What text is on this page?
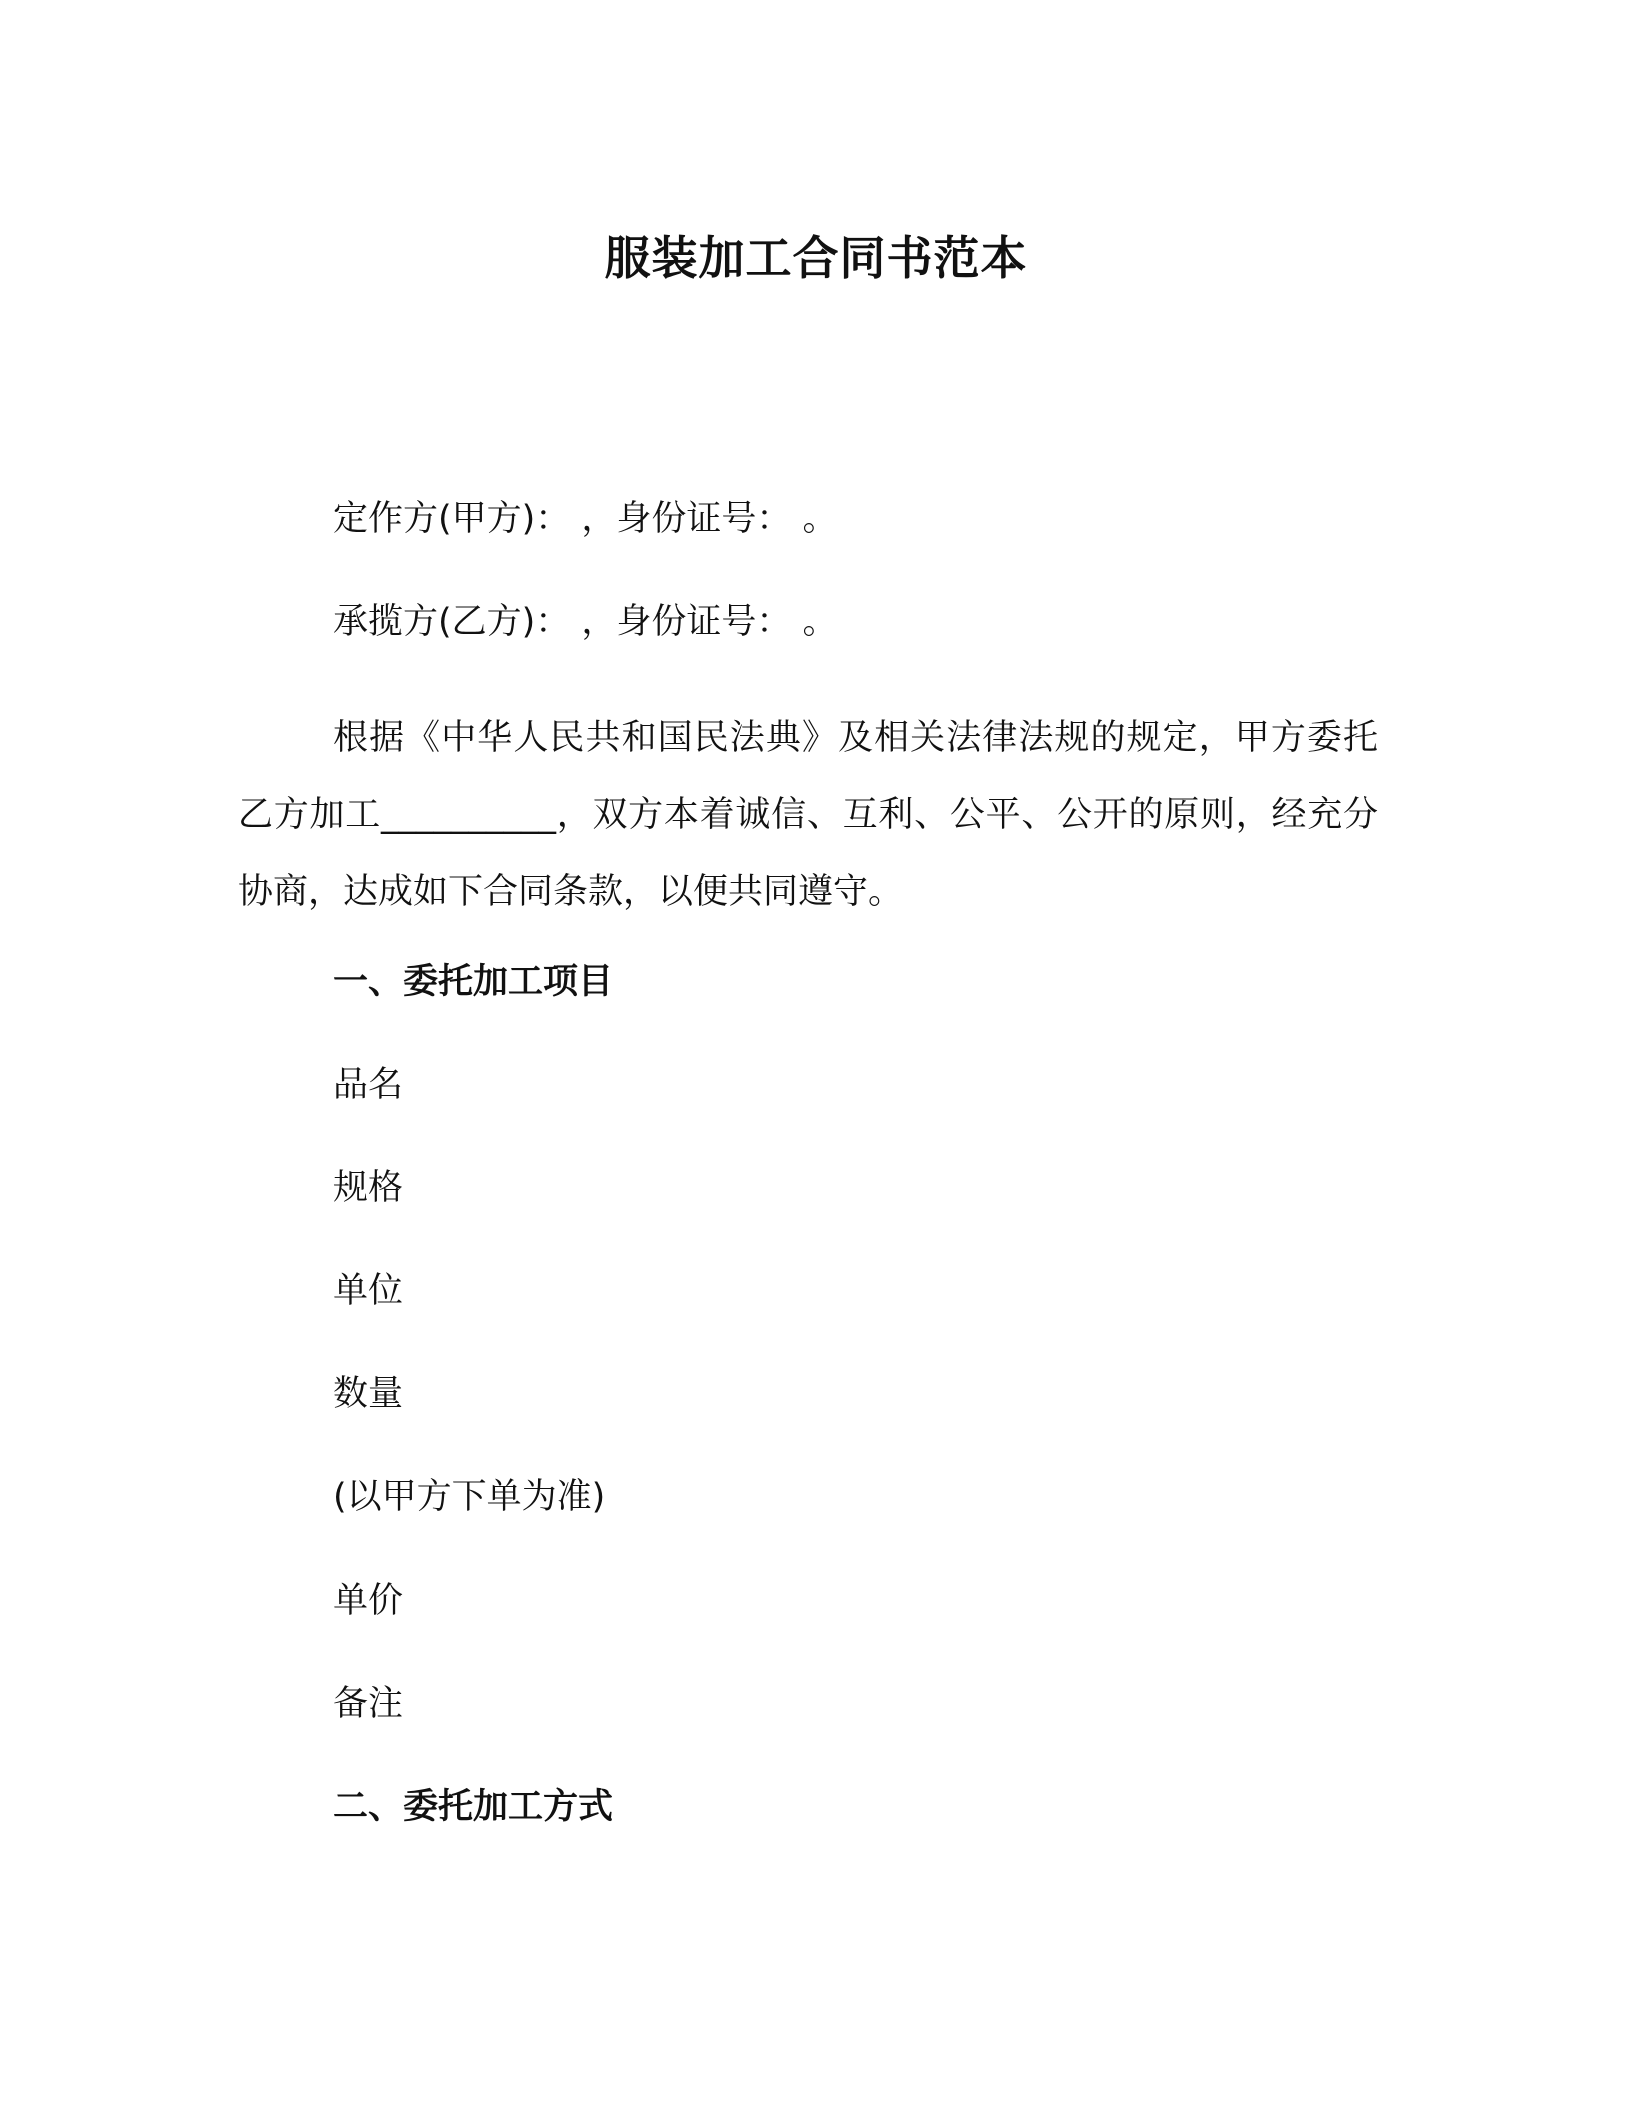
服装加工合同书范本
定作方(甲方)： ，身份证号： 。
承揽方(乙方)： ，身份证号： 。
根据《中华人民共和国民法典》及相关法律法规的规定，甲方委托乙方加工__________，双方本着诚信、互利、公平、公开的原则，经充分协商，达成如下合同条款，以便共同遵守。
一、委托加工项目
品名
规格
单位
数量
(以甲方下单为准)
单价
备注
二、委托加工方式
